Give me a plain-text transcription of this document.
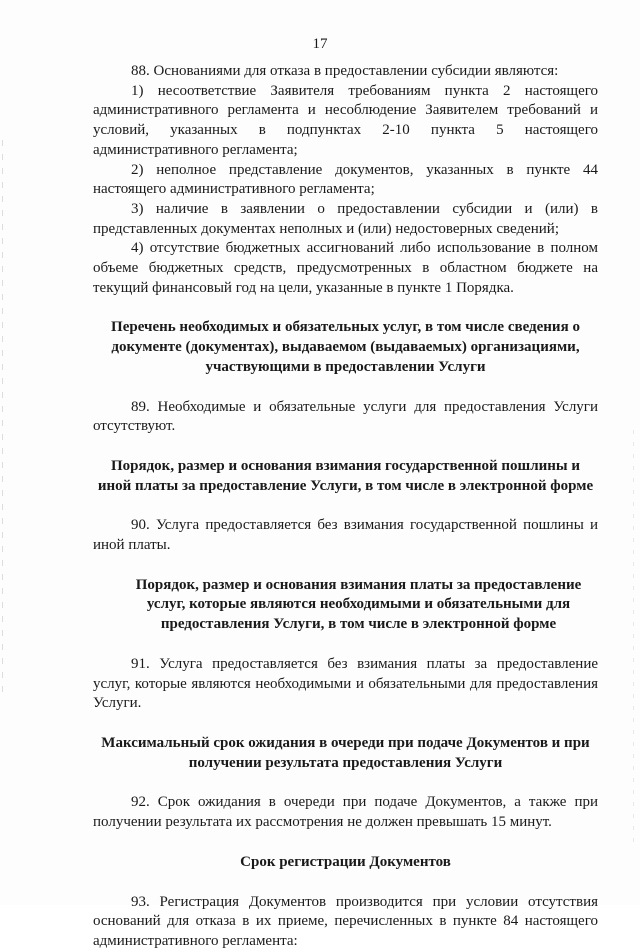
17

88. Основаниями для отказа в предоставлении субсидии являются:

1) несоответствие Заявителя требованиям пункта 2 настоящего административного регламента и несоблюдение Заявителем требований и условий, указанных в подпунктах 2-10 пункта 5 настоящего административного регламента;

2) неполное представление документов, указанных в пункте 44 настоящего административного регламента;

3) наличие в заявлении о предоставлении субсидии и (или) в представленных документах неполных и (или) недостоверных сведений;

4) отсутствие бюджетных ассигнований либо использование в полном объеме бюджетных средств, предусмотренных в областном бюджете на текущий финансовый год на цели, указанные в пункте 1 Порядка.

Перечень необходимых и обязательных услуг, в том числе сведения о документе (документах), выдаваемом (выдаваемых) организациями, участвующими в предоставлении Услуги

89. Необходимые и обязательные услуги для предоставления Услуги отсутствуют.

Порядок, размер и основания взимания государственной пошлины и иной платы за предоставление Услуги, в том числе в электронной форме

90. Услуга предоставляется без взимания государственной пошлины и иной платы.

Порядок, размер и основания взимания платы за предоставление услуг, которые являются необходимыми и обязательными для предоставления Услуги, в том числе в электронной форме

91. Услуга предоставляется без взимания платы за предоставление услуг, которые являются необходимыми и обязательными для предоставления Услуги.

Максимальный срок ожидания в очереди при подаче Документов и при получении результата предоставления Услуги

92. Срок ожидания в очереди при подаче Документов, а также при получении результата их рассмотрения не должен превышать 15 минут.

Срок регистрации Документов

93. Регистрация Документов производится при условии отсутствия оснований для отказа в их приеме, перечисленных в пункте 84 настоящего административного регламента:
